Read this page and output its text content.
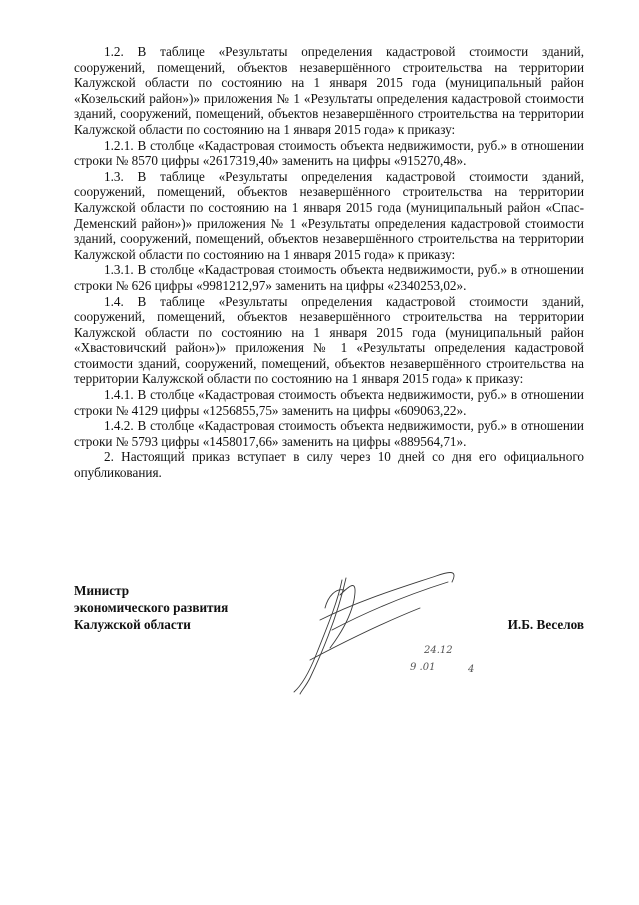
1.2. В таблице «Результаты определения кадастровой стоимости зданий, сооружений, помещений, объектов незавершённого строительства на территории Калужской области по состоянию на 1 января 2015 года (муниципальный район «Козельский район»)» приложения № 1 «Результаты определения кадастровой стоимости зданий, сооружений, помещений, объектов незавершённого строительства на территории Калужской области по состоянию на 1 января 2015 года» к приказу:

1.2.1. В столбце «Кадастровая стоимость объекта недвижимости, руб.» в отношении строки № 8570 цифры «2617319,40» заменить на цифры «915270,48».

1.3. В таблице «Результаты определения кадастровой стоимости зданий, сооружений, помещений, объектов незавершённого строительства на территории Калужской области по состоянию на 1 января 2015 года (муниципальный район «Спас-Деменский район»)» приложения № 1 «Результаты определения кадастровой стоимости зданий, сооружений, помещений, объектов незавершённого строительства на территории Калужской области по состоянию на 1 января 2015 года» к приказу:

1.3.1. В столбце «Кадастровая стоимость объекта недвижимости, руб.» в отношении строки № 626 цифры «9981212,97» заменить на цифры «2340253,02».

1.4. В таблице «Результаты определения кадастровой стоимости зданий, сооружений, помещений, объектов незавершённого строительства на территории Калужской области по состоянию на 1 января 2015 года (муниципальный район «Хвастовичский район»)» приложения № 1 «Результаты определения кадастровой стоимости зданий, сооружений, помещений, объектов незавершённого строительства на территории Калужской области по состоянию на 1 января 2015 года» к приказу:

1.4.1. В столбце «Кадастровая стоимость объекта недвижимости, руб.» в отношении строки № 4129 цифры «1256855,75» заменить на цифры «609063,22».

1.4.2. В столбце «Кадастровая стоимость объекта недвижимости, руб.» в отношении строки № 5793 цифры «1458017,66» заменить на цифры «889564,71».

2. Настоящий приказ вступает в силу через 10 дней со дня его официального опубликования.

24.12
9 .01	4

Министр

экономического развития

Калужской области	И.Б. Веселов
